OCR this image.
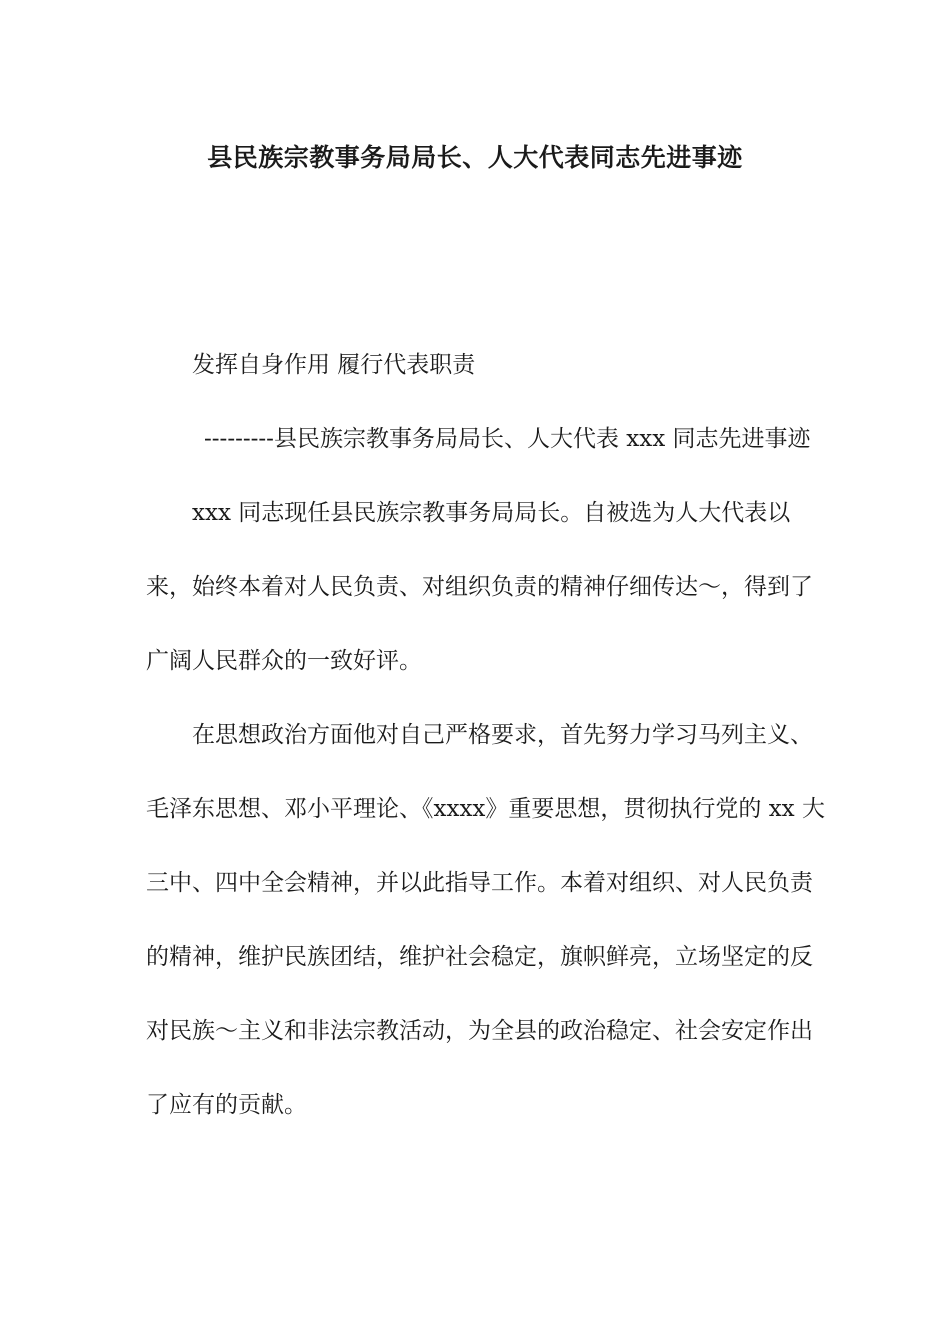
县民族宗教事务局局长、人大代表同志先进事迹

发挥自身作用 履行代表职责

---------县民族宗教事务局局长、人大代表 xxx 同志先进事迹

xxx 同志现任县民族宗教事务局局长。自被选为人大代表以来，始终本着对人民负责、对组织负责的精神仔细传达～，得到了广阔人民群众的一致好评。

在思想政治方面他对自己严格要求，首先努力学习马列主义、毛泽东思想、邓小平理论、《xxxx》重要思想，贯彻执行党的 xx 大三中、四中全会精神，并以此指导工作。本着对组织、对人民负责的精神，维护民族团结，维护社会稳定，旗帜鲜亮，立场坚定的反对民族～主义和非法宗教活动，为全县的政治稳定、社会安定作出了应有的贡献。
